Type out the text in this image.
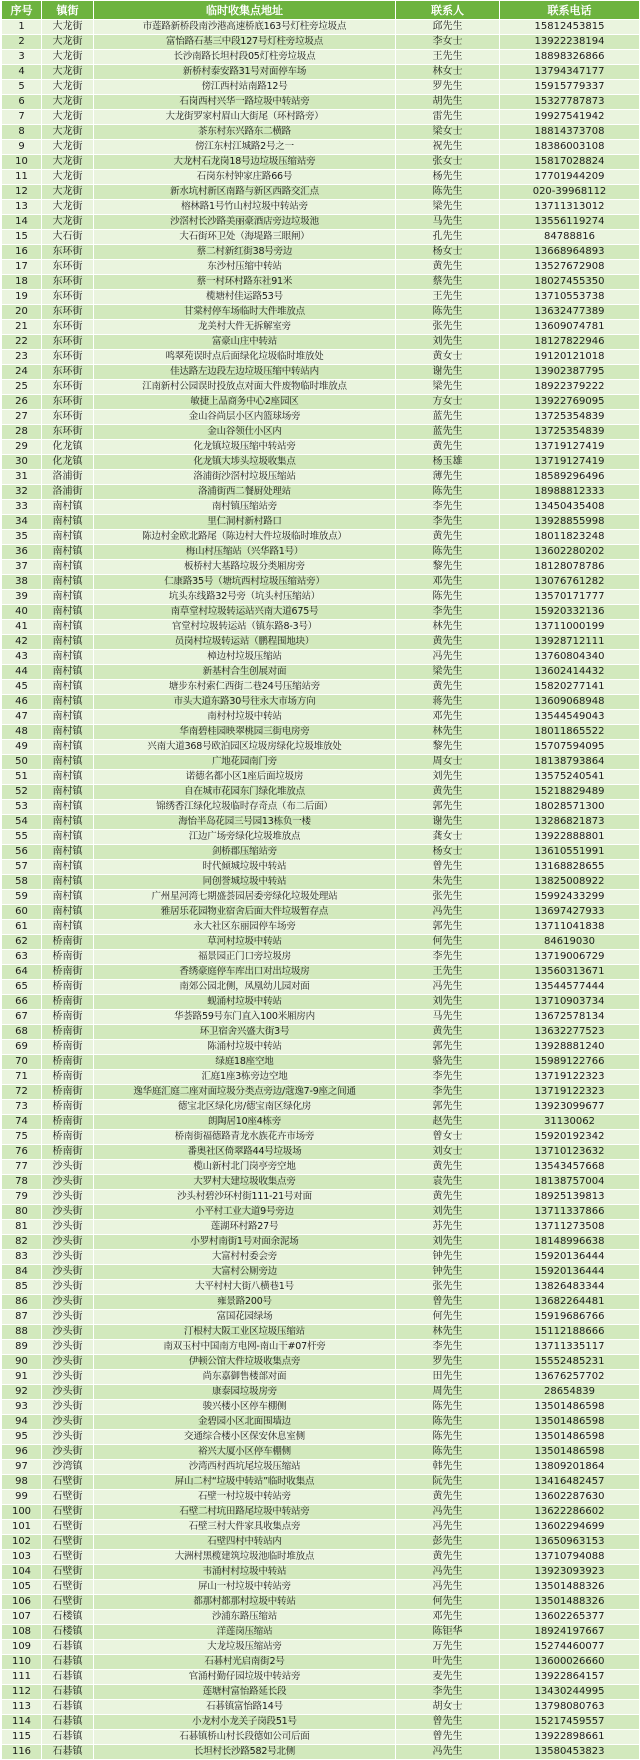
序号	镇街	临时收集点地址	联系人	联系电话
1	大龙街	市莲路新桥段南沙港高速桥底163号灯柱旁垃圾点	邱先生	15812453815
2	大龙街	富怡路石基三中段127号灯柱旁垃圾点	李女士	13922238194
3	大龙街	长沙南路长坦村段05灯柱旁垃圾点	王先生	18898326866
4	大龙街	新桥村泰安路31号对面停车场	林女士	13794347177
5	大龙街	傍江西村站南路12号	罗先生	15915779337
6	大龙街	石岗西村兴华一路垃圾中转站旁	胡先生	15327787873
7	大龙街	大龙街罗家村眉山大街尾（环村路旁）	雷先生	19927541942
8	大龙街	茶东村东兴路东二横路	梁女士	18814373708
9	大龙街	傍江东村江城路2号之一	祝先生	18386003108
10	大龙街	大龙村石龙岗18号边垃圾压缩站旁	张女士	15817028824
11	大龙街	石岗东村钟家庄路66号	杨先生	17701944209
12	大龙街	新水坑村新区南路与新区西路交汇点	陈先生	020-39968112
13	大龙街	榕林路1号竹山村垃圾中转站旁	梁先生	13711313012
14	大龙街	沙滘村长沙路美丽豪酒店旁边垃圾池	马先生	13556119274
15	大石街	大石街环卫处（海堤路三眼闸）	孔先生	84788816
16	东环街	蔡二村新红街38号旁边	杨女士	13668964893
17	东环街	东沙村压缩中转站	黄先生	13527672908
18	东环街	蔡一村环村路东社91米	蔡先生	18027455350
19	东环街	榄塘村佳运路53号	王先生	13710553738
20	东环街	甘棠村停车场临时大件堆放点	陈先生	13632477389
21	东环街	龙美村大件无拆解室旁	张先生	13609074781
22	东环街	富豪山庄中转站	刘先生	18127822946
23	东环街	鸣翠苑误时点后面绿化垃圾临时堆放处	黄女士	19120121018
24	东环街	佳达路左边段左边垃圾压缩中转站内	谢先生	13902387795
25	东环街	江南新村公园误时投放点对面大件废物临时堆放点	梁先生	18922379222
26	东环街	敏捷上品商务中心2座园区	方女士	13922769095
27	东环街	金山谷尚层小区内篮球场旁	蓝先生	13725354839
28	东环街	金山谷领仕小区内	蓝先生	13725354839
29	化龙镇	化龙镇垃圾压缩中转站旁	黄先生	13719127419
30	化龙镇	化龙镇大埗头垃圾收集点	杨玉雄	13719127419
31	洛浦街	洛浦街沙滘村垃圾压缩站	薄先生	18589296496
32	洛浦街	洛浦街西二餐厨处理站	陈先生	18988812333
33	南村镇	南村镇压缩站旁	李先生	13450435408
34	南村镇	里仁洞村新村路口	李先生	13928855998
35	南村镇	陈边村金欧北路尾（陈边村大件垃圾临时堆放点）	黄先生	18011823248
36	南村镇	梅山村压缩站（兴华路1号）	陈先生	13602280202
37	南村镇	板桥村大基路垃圾分类厢房旁	黎先生	18128078786
38	南村镇	仁康路35号（塘坑西村垃圾压缩站旁）	邓先生	13076761282
39	南村镇	坑头东线路32号旁（坑头村压缩站）	陈先生	13570171777
40	南村镇	南草堂村垃圾转运站兴南大道675号	李先生	15920332136
41	南村镇	官堂村垃圾转运站（镇东路8-3号）	林先生	13711000199
42	南村镇	员岗村垃圾转运站（鹏程围地块）	黄先生	13928712111
43	南村镇	樟边村垃圾压缩站	冯先生	13760804340
44	南村镇	新基村合生创展对面	梁先生	13602414432
45	南村镇	塘步东村索仁西街二巷24号压缩站旁	黄先生	15820277141
46	南村镇	市头大道东路30号往永大市场方向	蒋先生	13609068948
47	南村镇	南村村垃圾中转站	邓先生	13544549043
48	南村镇	华南碧桂园映翠桃园三街电房旁	林先生	18011865522
49	南村镇	兴南大道368号欧泊园区垃圾房绿化垃圾堆放处	黎先生	15707594095
50	南村镇	广地花园南门旁	周女士	18138793864
51	南村镇	诺德名都小区1座后面垃圾房	刘先生	13575240541
52	南村镇	自在城市花园东门绿化堆放点	黄先生	15218829489
53	南村镇	锦绣香江绿化垃圾临时存奇点（布二后面）	郭先生	18028571300
54	南村镇	海怡半岛花园三号园13栋负一楼	谢先生	13286821873
55	南村镇	江边广场旁绿化垃圾堆放点	龚女士	13922888801
56	南村镇	剑桥郡压缩站旁	杨女士	13610551991
57	南村镇	时代倾城垃圾中转站	曾先生	13168828655
58	南村镇	同创誉城垃圾中转站	朱先生	13825008922
59	南村镇	广州星河湾七期盛荟园居委旁绿化垃圾处理站	张先生	15992433299
60	南村镇	雅居乐花园物业宿舍后面大件垃圾暂存点	冯先生	13697427933
61	南村镇	永大社区东丽园停车场旁	郭先生	13711041838
62	桥南街	草河村垃圾中转站	何先生	84619030
63	桥南街	福景园正门口旁垃圾房	李先生	13719006729
64	桥南街	香绣豪庭停车库出口对出垃圾房	王先生	13560313671
65	桥南街	南郊公园北侧，凤凰幼儿园对面	冯先生	13544577444
66	桥南街	蚬涌村垃圾中转站	刘先生	13710903734
67	桥南街	华荟路59号东门直入100米厢房内	马先生	13672578134
68	桥南街	环卫宿舍兴盛大街3号	黄先生	13632277523
69	桥南街	陈涌村垃圾中转站	郭先生	13928881240
70	桥南街	绿庭18座空地	骆先生	15989122766
71	桥南街	汇庭1座3栋旁边空地	李先生	13719122323
72	桥南街	逸华庭汇庭二座对面垃圾分类点旁边/蔻逸7-9座之间通	李先生	13719122323
73	桥南街	德宝北区绿化房/德宝南区绿化房	郭先生	13923099677
74	桥南街	朗陶居10座4栋旁	赵先生	31130062
75	桥南街	桥南街福德路青龙水族花卉市场旁	曾女士	15920192342
76	桥南街	番奥社区倚翠路44号垃圾场	刘女士	13710123632
77	沙头街	榄山新村北门岗亭旁空地	黄先生	13543457668
78	沙头街	大罗村大建垃圾收集点旁	袁先生	18138757004
79	沙头街	沙头村碧沙环村街111-21号对面	黄先生	18925139813
80	沙头街	小平村工业大道9号旁边	刘先生	13711337866
81	沙头街	莲湖环村路27号	苏先生	13711273508
82	沙头街	小罗村南街1号对面余泥场	刘先生	18148996638
83	沙头街	大富村村委会旁	钟先生	15920136444
84	沙头街	大富村公厕旁边	钟先生	15920136444
85	沙头街	大平村村大街八横巷1号	张先生	13826483344
86	沙头街	雍景路200号	曾先生	13682264481
87	沙头街	富国花园绿场	何先生	15919686766
88	沙头街	汀根村大阪工业区垃圾压缩站	林先生	15112188666
89	沙头街	南双玉村中国南方电网-南山干#07杆旁	李先生	13711335117
90	沙头街	伊顿公馆大件垃圾收集点旁	罗先生	15552485231
91	沙头街	尚东嘉御售楼部对面	田先生	13676257702
92	沙头街	康泰园垃圾房旁	周先生	28654839
93	沙头街	骏兴楼小区停车棚侧	陈先生	13501486598
94	沙头街	金碧园小区北面围墙边	陈先生	13501486598
95	沙头街	交通综合楼小区保安休息室侧	陈先生	13501486598
96	沙头街	裕兴大厦小区停车棚侧	陈先生	13501486598
97	沙湾镇	沙湾西村西坑尾垃圾压缩站	韩先生	13809201864
98	石壁街	屏山二村“垃圾中转站”临时收集点	阮先生	13416482457
99	石壁街	石壁一村垃圾中转站旁	黄先生	13602287630
100	石壁街	石壁二村坑田路尾垃圾中转站旁	冯先生	13622286602
101	石壁街	石壁三村大件家具收集点旁	冯先生	13602294699
102	石壁街	石壁四村中转站内	彭先生	13650963153
103	石壁街	大洲村黑榄建筑垃圾池临时堆放点	黄先生	13710794088
104	石壁街	韦涌村村垃圾中转站	冯先生	13923093923
105	石壁街	屏山一村垃圾中转站旁	冯先生	13501488326
106	石壁街	都那村都那村垃圾中转站	何先生	13501488326
107	石楼镇	沙浦东路压缩站	邓先生	13602265377
108	石楼镇	洋莲岗压缩站	陈钜华	18924197667
109	石碁镇	大龙垃圾压缩站旁	万先生	15274460077
110	石碁镇	石碁村光启南街2号	叶先生	13600026660
111	石碁镇	官涌村勤仔园垃圾中转站旁	麦先生	13922864157
112	石碁镇	莲塘村富怡路延长段	李先生	13430244995
113	石碁镇	石碁镇富怡路14号	胡女士	13798080763
114	石碁镇	小龙村小龙关子岗段51号	曾先生	15217459557
115	石碁镇	石碁镇桥山村长段德如公司后面	曾先生	13922898661
116	石碁镇	长坦村长沙路582号北侧	冯先生	13580453823
